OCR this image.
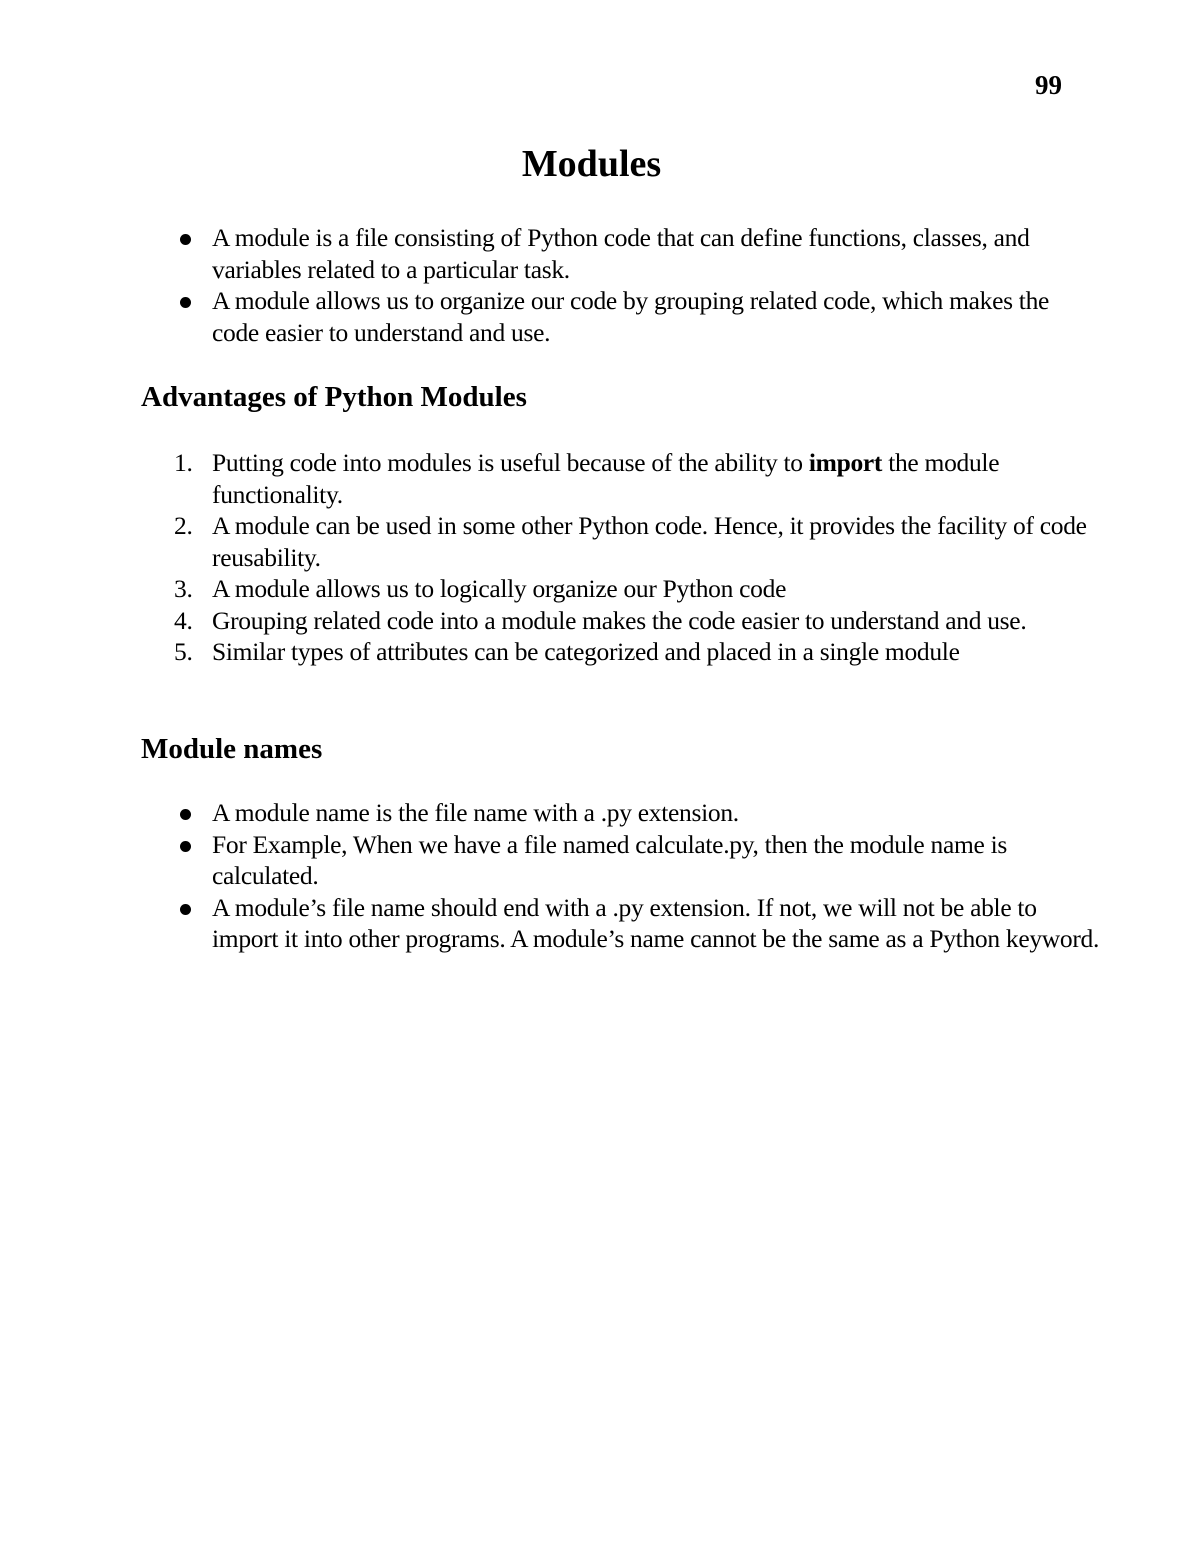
99
Modules
A module is a file consisting of Python code that can define functions, classes, and variables related to a particular task.
A module allows us to organize our code by grouping related code, which makes the code easier to understand and use.
Advantages of Python Modules
1. Putting code into modules is useful because of the ability to import the module functionality.
2. A module can be used in some other Python code. Hence, it provides the facility of code reusability.
3. A module allows us to logically organize our Python code
4. Grouping related code into a module makes the code easier to understand and use.
5. Similar types of attributes can be categorized and placed in a single module
Module names
A module name is the file name with a .py extension.
For Example, When we have a file named calculate.py, then the module name is calculated.
A module’s file name should end with a .py extension. If not, we will not be able to import it into other programs. A module’s name cannot be the same as a Python keyword.
